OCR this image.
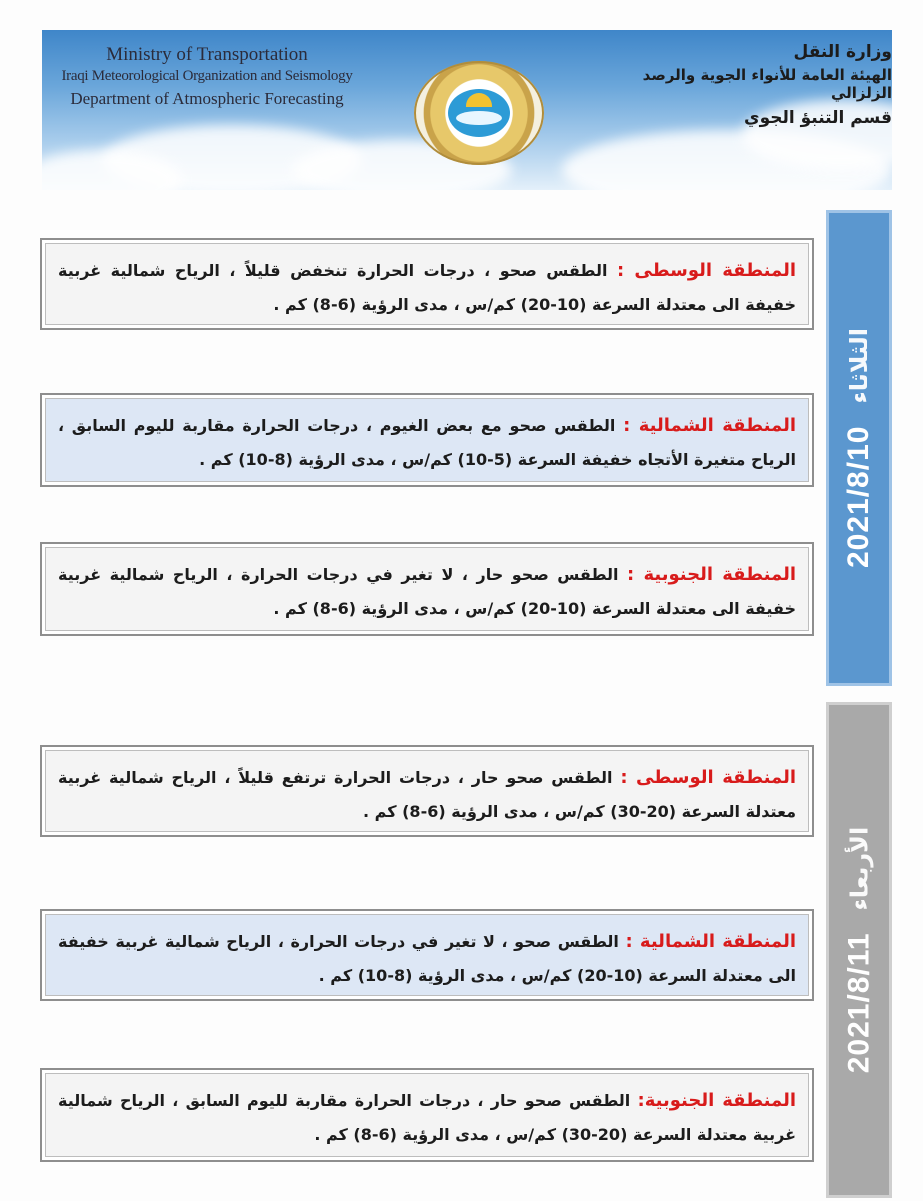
Ministry of Transportation
Iraqi Meteorological Organization and Seismology
Department of Atmospheric Forecasting
وزارة النقل
الهيئة العامة للأنواء الجوية والرصد الزلزالي
قسم التنبؤ الجوي
2021/8/10
الثلاثاء
2021/8/11
الأربعاء
المنطقة الوسطى : الطقس صحو ، درجات الحرارة تنخفض قليلاً ، الرياح شمالية غربية خفيفة الى معتدلة السرعة (10-20) كم/س ، مدى الرؤية (6-8) كم .
المنطقة الشمالية : الطقس صحو مع بعض الغيوم ، درجات الحرارة مقاربة لليوم السابق ، الرياح متغيرة الأتجاه خفيفة السرعة (5-10) كم/س ، مدى الرؤية (8-10) كم .
المنطقة الجنوبية : الطقس صحو حار ، لا تغير في درجات الحرارة ، الرياح شمالية غربية خفيفة الى معتدلة السرعة (10-20) كم/س ، مدى الرؤية (6-8) كم .
المنطقة الوسطى : الطقس صحو حار ، درجات الحرارة ترتفع قليلاً ، الرياح شمالية غربية معتدلة السرعة (20-30) كم/س ، مدى الرؤية (6-8) كم .
المنطقة الشمالية : الطقس صحو ، لا تغير في درجات الحرارة ، الرياح شمالية غربية خفيفة الى معتدلة السرعة (10-20) كم/س ، مدى الرؤية (8-10) كم .
المنطقة الجنوبية: الطقس صحو حار ، درجات الحرارة مقاربة لليوم السابق ، الرياح شمالية غربية معتدلة السرعة (20-30) كم/س ، مدى الرؤية (6-8) كم .
